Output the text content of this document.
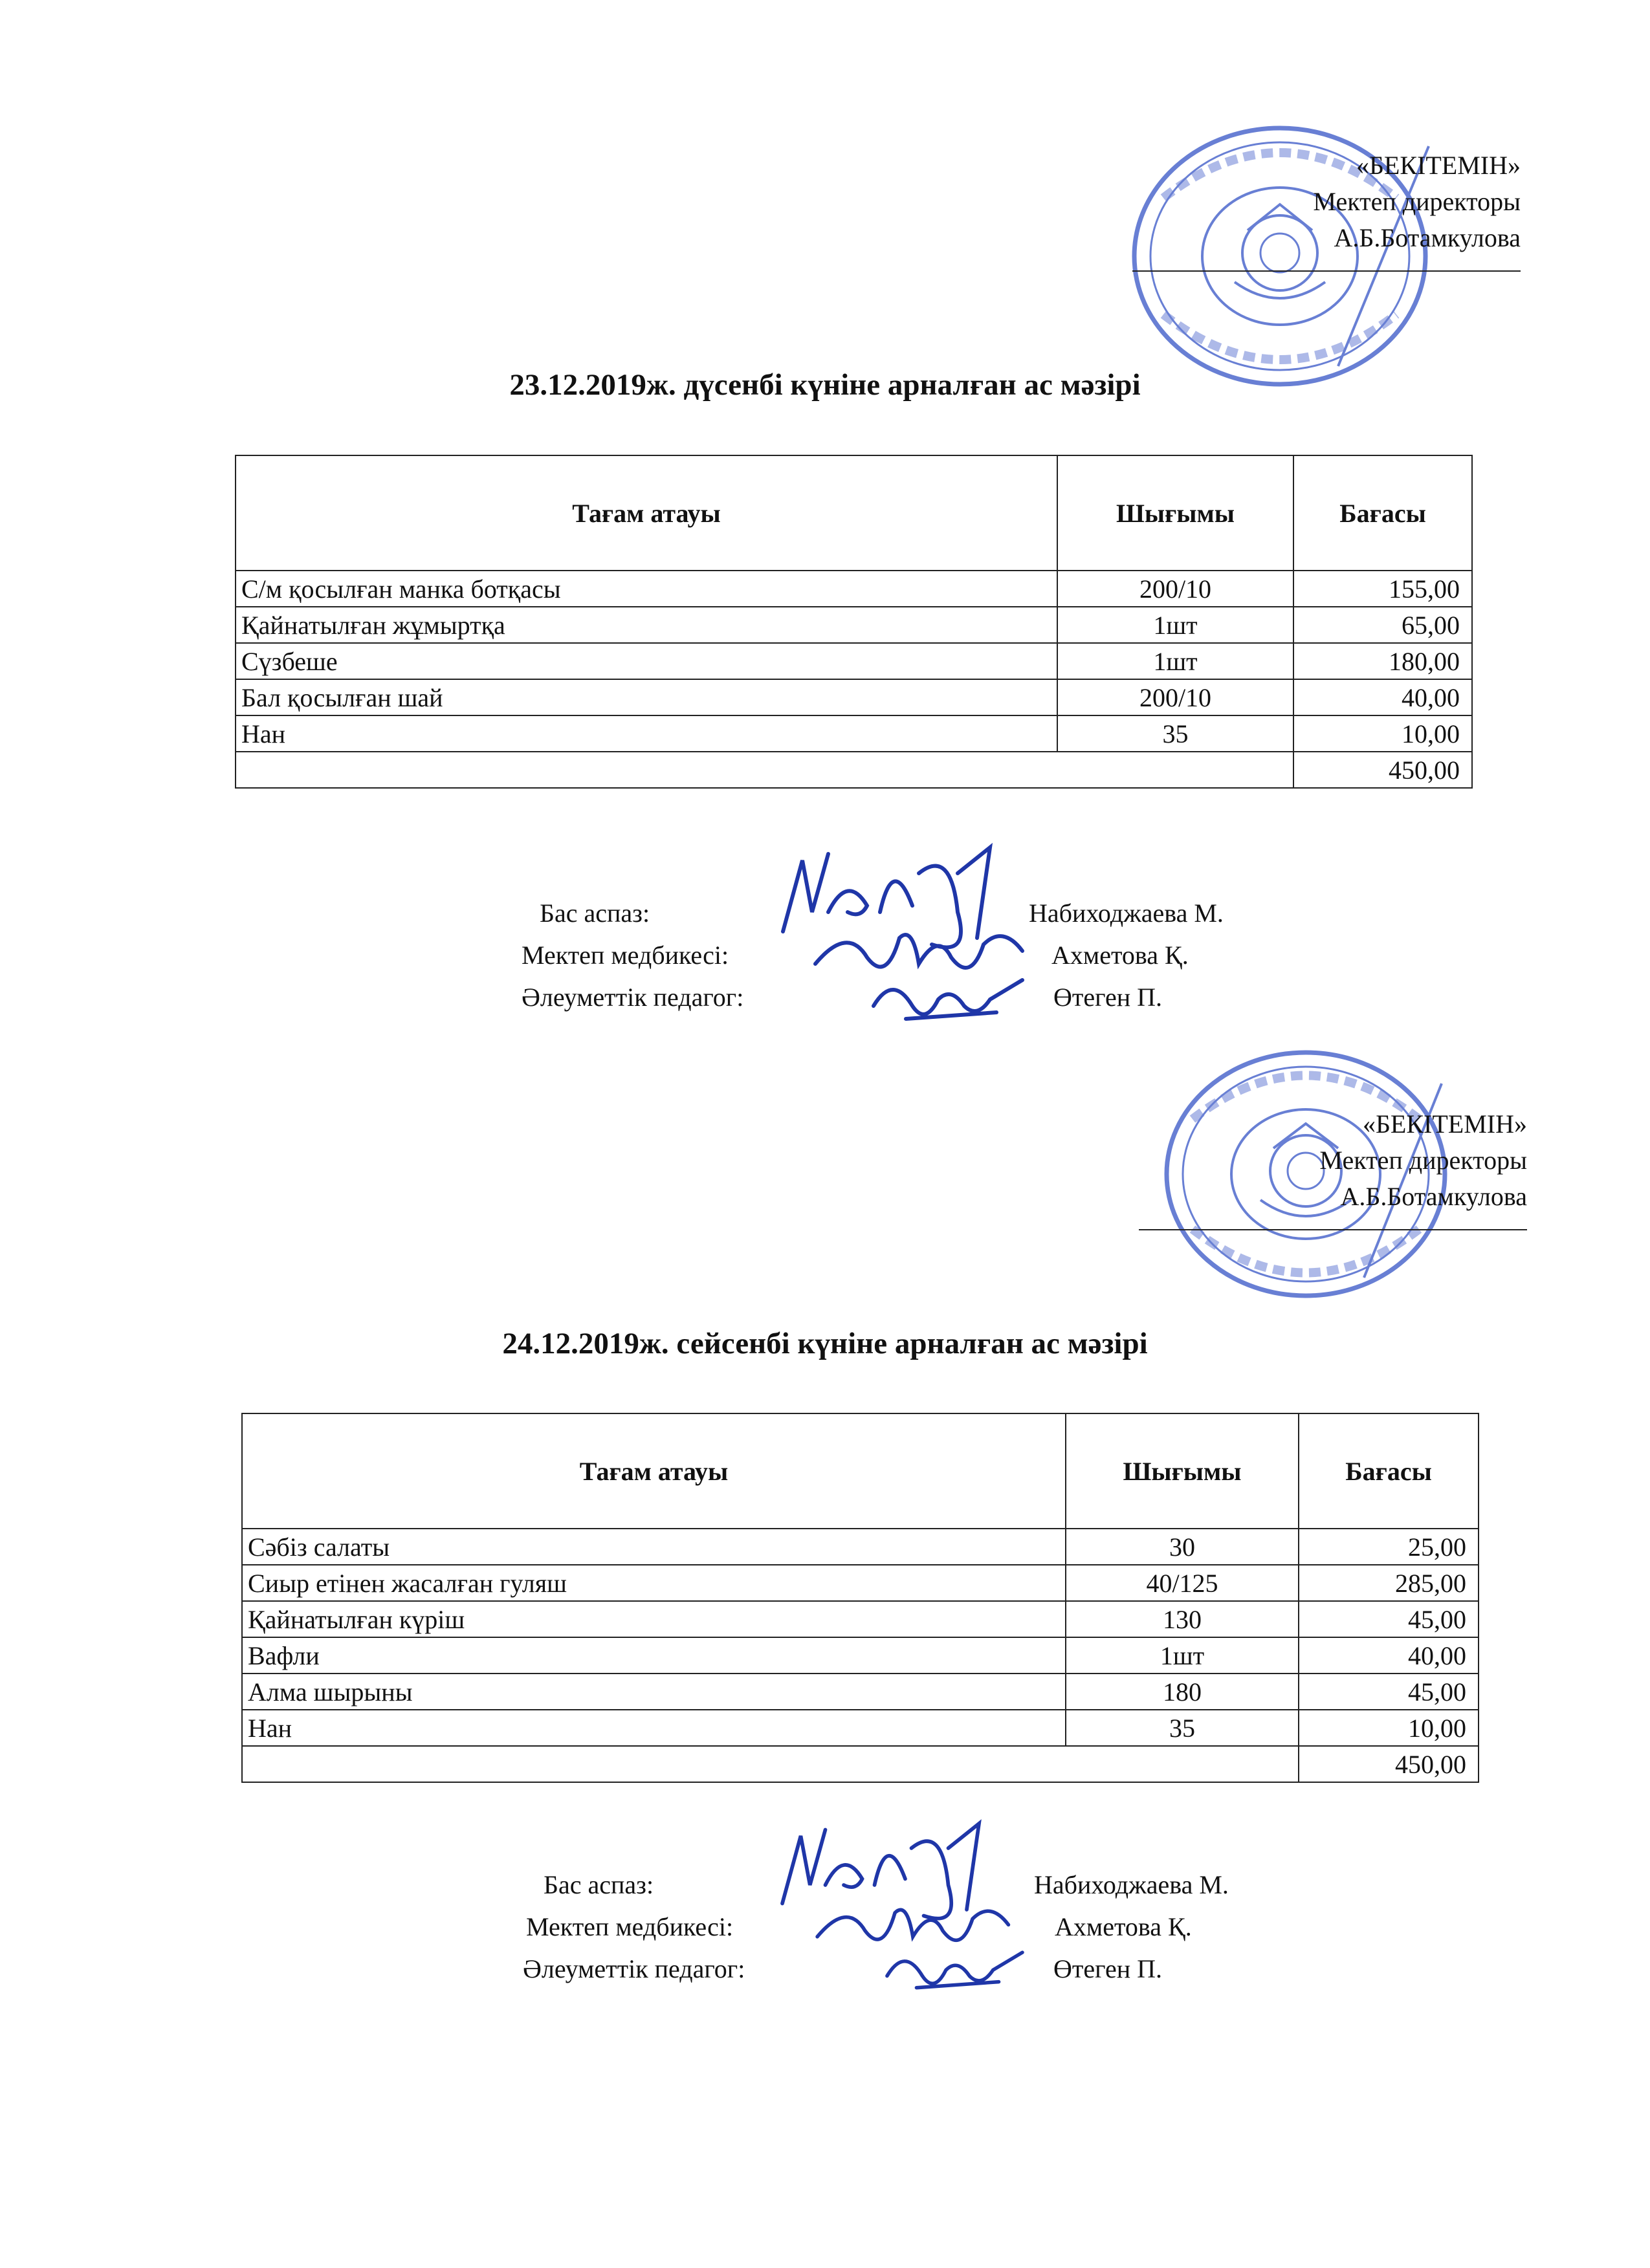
«БЕКІТЕМІН»
Мектеп директоры
А.Б.Ботамкулова
23.12.2019ж. дүсенбі күніне арналған ас мәзірі
Тағам атауы	Шығымы	Бағасы
С/м қосылған манка ботқасы	200/10	155,00
Қайнатылған жұмыртқа	1шт	65,00
Сүзбеше	1шт	180,00
Бал қосылған шай	200/10	40,00
Нан	35	10,00
		450,00
Бас аспаз:	Набиходжаева М.
Мектеп медбикесі:	Ахметова Қ.
Әлеуметтік педагог:	Өтеген П.
«БЕКІТЕМІН»
Мектеп директоры
А.Б.Ботамкулова
24.12.2019ж. сейсенбі күніне арналған ас мәзірі
Тағам атауы	Шығымы	Бағасы
Сәбіз салаты	30	25,00
Сиыр етінен жасалған гуляш	40/125	285,00
Қайнатылған күріш	130	45,00
Вафли	1шт	40,00
Алма шырыны	180	45,00
Нан	35	10,00
		450,00
Бас аспаз:	Набиходжаева М.
Мектеп медбикесі:	Ахметова Қ.
Әлеуметтік педагог:	Өтеген П.
